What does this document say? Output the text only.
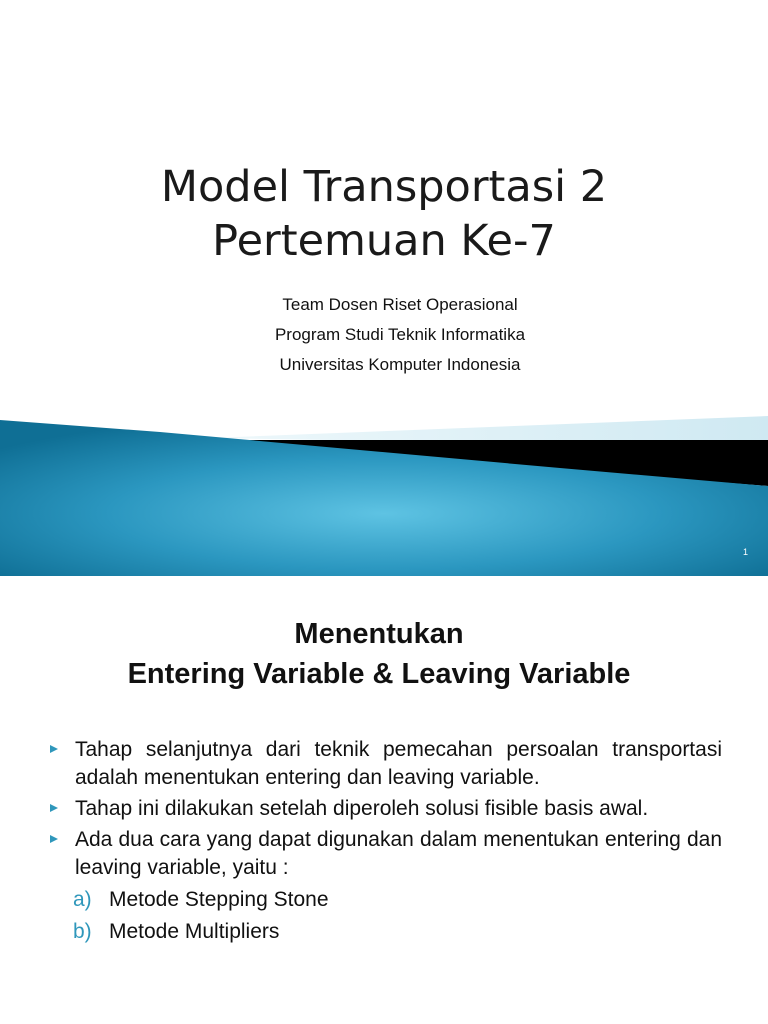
Model Transportasi 2
Pertemuan Ke-7
Team Dosen Riset Operasional
Program Studi Teknik Informatika
Universitas Komputer Indonesia
1
Menentukan
Entering Variable & Leaving Variable
Tahap selanjutnya dari teknik pemecahan persoalan transportasi adalah menentukan entering dan leaving variable.
Tahap ini dilakukan setelah diperoleh solusi fisible basis awal.
Ada dua cara yang dapat digunakan dalam menentukan entering dan leaving variable, yaitu :
a) Metode Stepping Stone
b) Metode Multipliers
